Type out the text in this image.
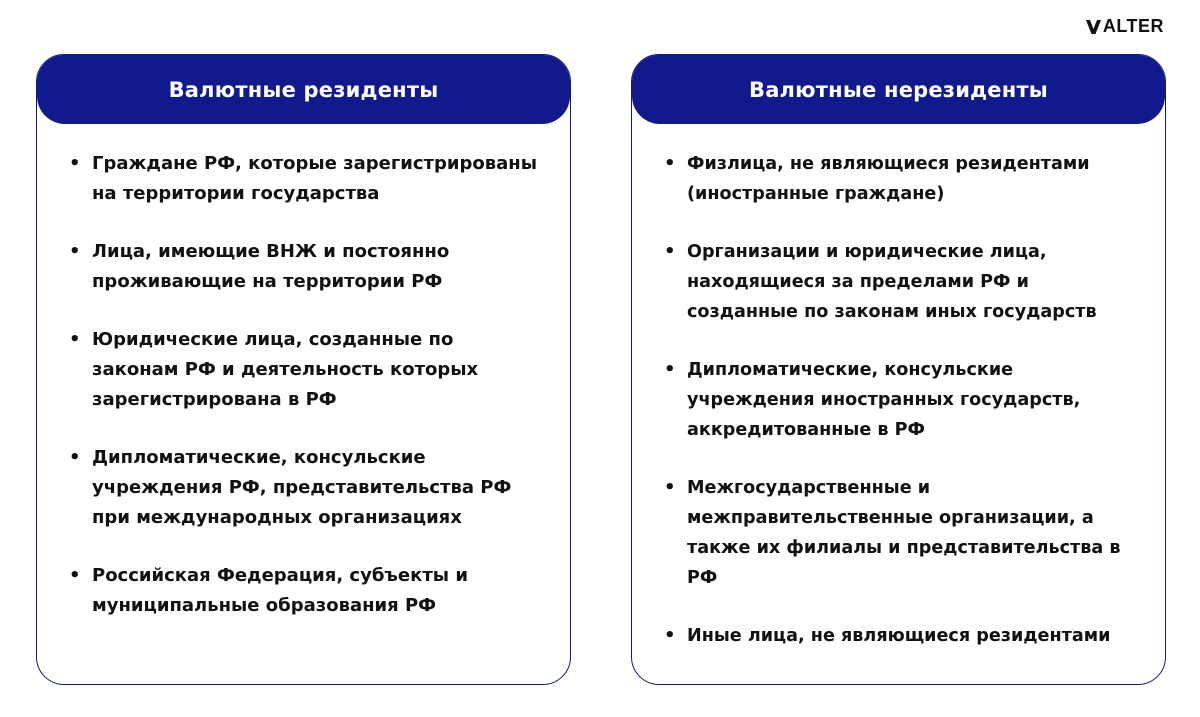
ALTER
Валютные резиденты
• Граждане РФ, которые зарегистрированы на территории государства
• Лица, имеющие ВНЖ и постоянно проживающие на территории РФ
• Юридические лица, созданные по законам РФ и деятельность которых зарегистрирована в РФ
• Дипломатические, консульские учреждения РФ, представительства РФ при международных организациях
• Российская Федерация, субъекты и муниципальные образования РФ
Валютные нерезиденты
• Физлица, не являющиеся резидентами (иностранные граждане)
• Организации и юридические лица, находящиеся за пределами РФ и созданные по законам иных государств
• Дипломатические, консульские учреждения иностранных государств, аккредитованные в РФ
• Межгосударственные и межправительственные организации, а также их филиалы и представительства в РФ
• Иные лица, не являющиеся резидентами
